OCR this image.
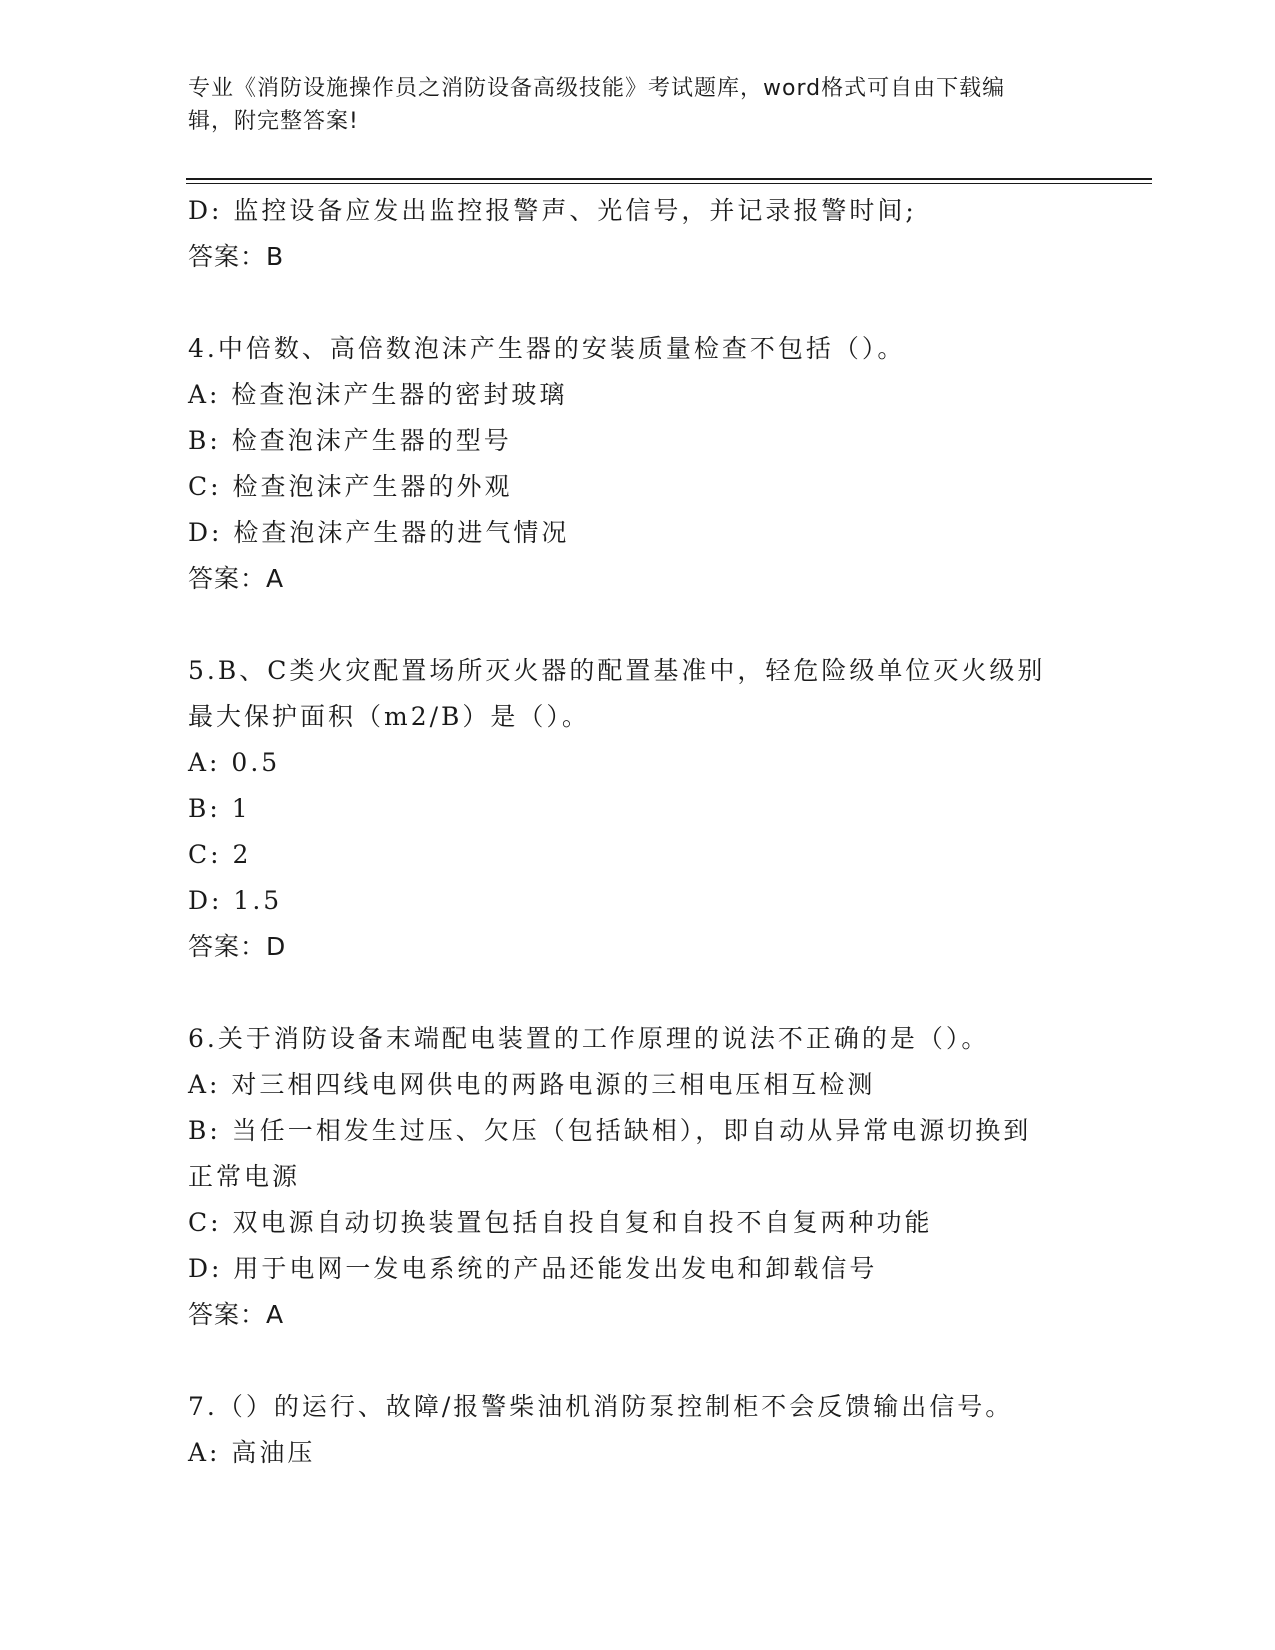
专业《消防设施操作员之消防设备高级技能》考试题库，word格式可自由下载编
辑，附完整答案!
D: 监控设备应发出监控报警声、光信号，并记录报警时间;
答案：B
4.中倍数、高倍数泡沫产生器的安装质量检查不包括（）。
A: 检查泡沫产生器的密封玻璃
B: 检查泡沫产生器的型号
C: 检查泡沫产生器的外观
D: 检查泡沫产生器的进气情况
答案：A
5.B、C类火灾配置场所灭火器的配置基准中，轻危险级单位灭火级别
最大保护面积（m2/B）是（）。
A: 0.5
B: 1
C: 2
D: 1.5
答案：D
6.关于消防设备末端配电装置的工作原理的说法不正确的是（）。
A: 对三相四线电网供电的两路电源的三相电压相互检测
B: 当任一相发生过压、欠压（包括缺相），即自动从异常电源切换到
正常电源
C: 双电源自动切换装置包括自投自复和自投不自复两种功能
D: 用于电网一发电系统的产品还能发出发电和卸载信号
答案：A
7.（）的运行、故障/报警柴油机消防泵控制柜不会反馈输出信号。
A: 高油压
